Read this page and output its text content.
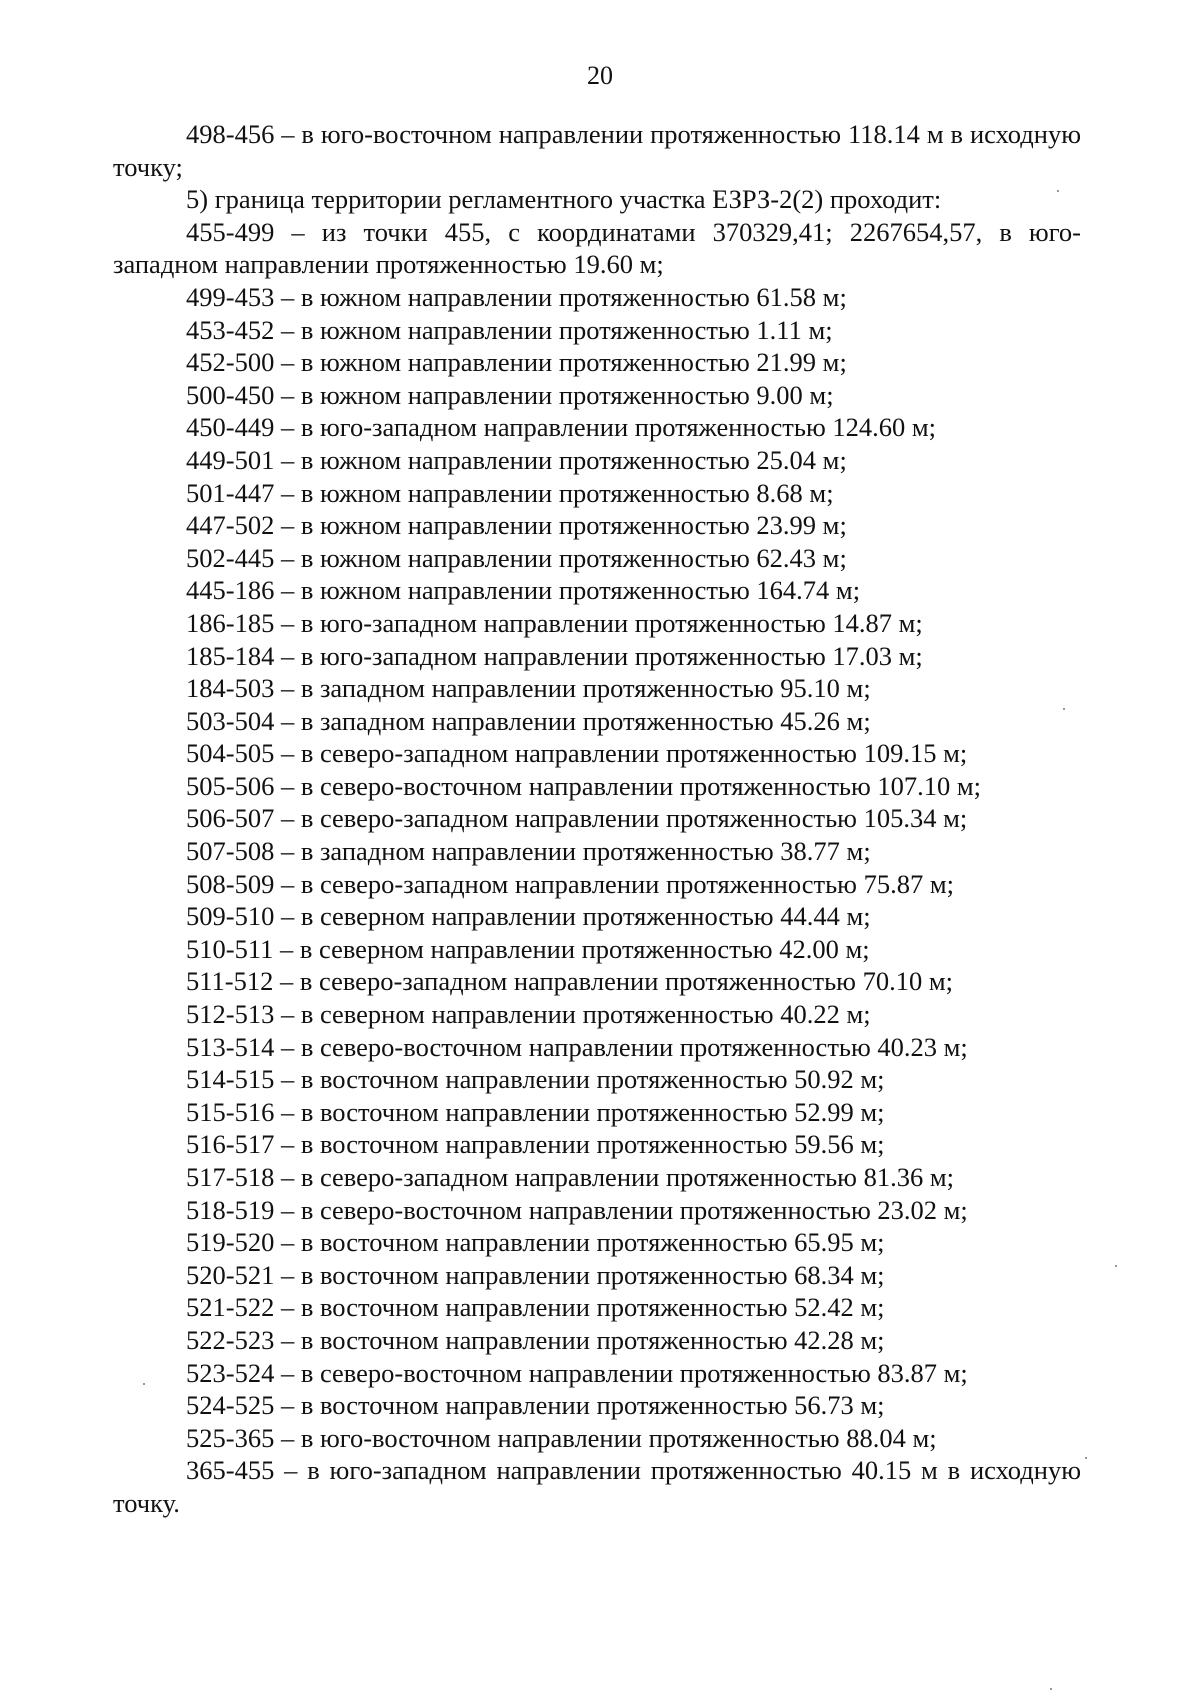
20

498-456 – в юго-восточном направлении протяженностью 118.14 м в исходную точку;

5) граница территории регламентного участка ЕЗРЗ-2(2) проходит:

455-499 – из точки 455, с координатами 370329,41; 2267654,57, в юго-западном направлении протяженностью 19.60 м;

499-453 – в южном направлении протяженностью 61.58 м;

453-452 – в южном направлении протяженностью 1.11 м;

452-500 – в южном направлении протяженностью 21.99 м;

500-450 – в южном направлении протяженностью 9.00 м;

450-449 – в юго-западном направлении протяженностью 124.60 м;

449-501 – в южном направлении протяженностью 25.04 м;

501-447 – в южном направлении протяженностью 8.68 м;

447-502 – в южном направлении протяженностью 23.99 м;

502-445 – в южном направлении протяженностью 62.43 м;

445-186 – в южном направлении протяженностью 164.74 м;

186-185 – в юго-западном направлении протяженностью 14.87 м;

185-184 – в юго-западном направлении протяженностью 17.03 м;

184-503 – в западном направлении протяженностью 95.10 м;

503-504 – в западном направлении протяженностью 45.26 м;

504-505 – в северо-западном направлении протяженностью 109.15 м;

505-506 – в северо-восточном направлении протяженностью 107.10 м;

506-507 – в северо-западном направлении протяженностью 105.34 м;

507-508 – в западном направлении протяженностью 38.77 м;

508-509 – в северо-западном направлении протяженностью 75.87 м;

509-510 – в северном направлении протяженностью 44.44 м;

510-511 – в северном направлении протяженностью 42.00 м;

511-512 – в северо-западном направлении протяженностью 70.10 м;

512-513 – в северном направлении протяженностью 40.22 м;

513-514 – в северо-восточном направлении протяженностью 40.23 м;

514-515 – в восточном направлении протяженностью 50.92 м;

515-516 – в восточном направлении протяженностью 52.99 м;

516-517 – в восточном направлении протяженностью 59.56 м;

517-518 – в северо-западном направлении протяженностью 81.36 м;

518-519 – в северо-восточном направлении протяженностью 23.02 м;

519-520 – в восточном направлении протяженностью 65.95 м;

520-521 – в восточном направлении протяженностью 68.34 м;

521-522 – в восточном направлении протяженностью 52.42 м;

522-523 – в восточном направлении протяженностью 42.28 м;

523-524 – в северо-восточном направлении протяженностью 83.87 м;

524-525 – в восточном направлении протяженностью 56.73 м;

525-365 – в юго-восточном направлении протяженностью 88.04 м;

365-455 – в юго-западном направлении протяженностью 40.15 м в исходную точку.
